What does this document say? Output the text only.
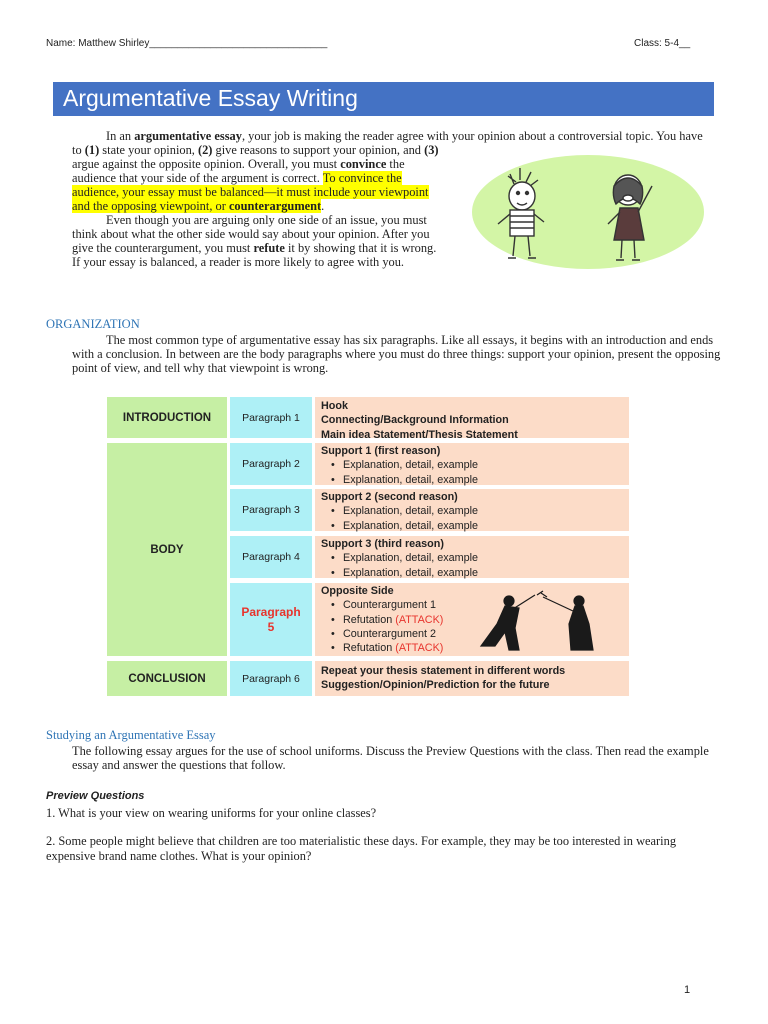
Name: Matthew Shirley________________________________	Class: 5-4__
Argumentative Essay Writing

In an argumentative essay, your job is making the reader agree with your opinion about a controversial topic. You have to (1) state your opinion, (2) give reasons to support your opinion, and (3)

argue against the opposite opinion. Overall, you must convince the audience that your side of the argument is correct. To convince the audience, your essay must be balanced—it must include your viewpoint and the opposing viewpoint, or counterargument.

Even though you are arguing only one side of an issue, you must think about what the other side would say about your opinion. After you give the counterargument, you must refute it by showing that it is wrong. If your essay is balanced, a reader is more likely to agree with you.

ORGANIZATION

The most common type of argumentative essay has six paragraphs. Like all essays, it begins with an introduction and ends with a conclusion. In between are the body paragraphs where you must do three things: support your opinion, present the opposing point of view, and tell why that viewpoint is wrong.

INTRODUCTION
BODY
CONCLUSION
Paragraph 1
Paragraph 2
Paragraph 3
Paragraph 4
Paragraph
5
Paragraph 6
Hook
Connecting/Background Information
Main idea Statement/Thesis Statement
Support 1 (first reason)
• Explanation, detail, example
• Explanation, detail, example
Support 2 (second reason)
• Explanation, detail, example
• Explanation, detail, example
Support 3 (third reason)
• Explanation, detail, example
• Explanation, detail, example
Opposite Side
• Counterargument 1
• Refutation (ATTACK)
• Counterargument 2
• Refutation (ATTACK)
Repeat your thesis statement in different words
Suggestion/Opinion/Prediction for the future
Studying an Argumentative Essay

The following essay argues for the use of school uniforms. Discuss the Preview Questions with the class. Then read the example essay and answer the questions that follow.

Preview Questions
1. What is your view on wearing uniforms for your online classes?
2. Some people might believe that children are too materialistic these days. For example, they may be too interested in wearing expensive brand name clothes. What is your opinion?
1
